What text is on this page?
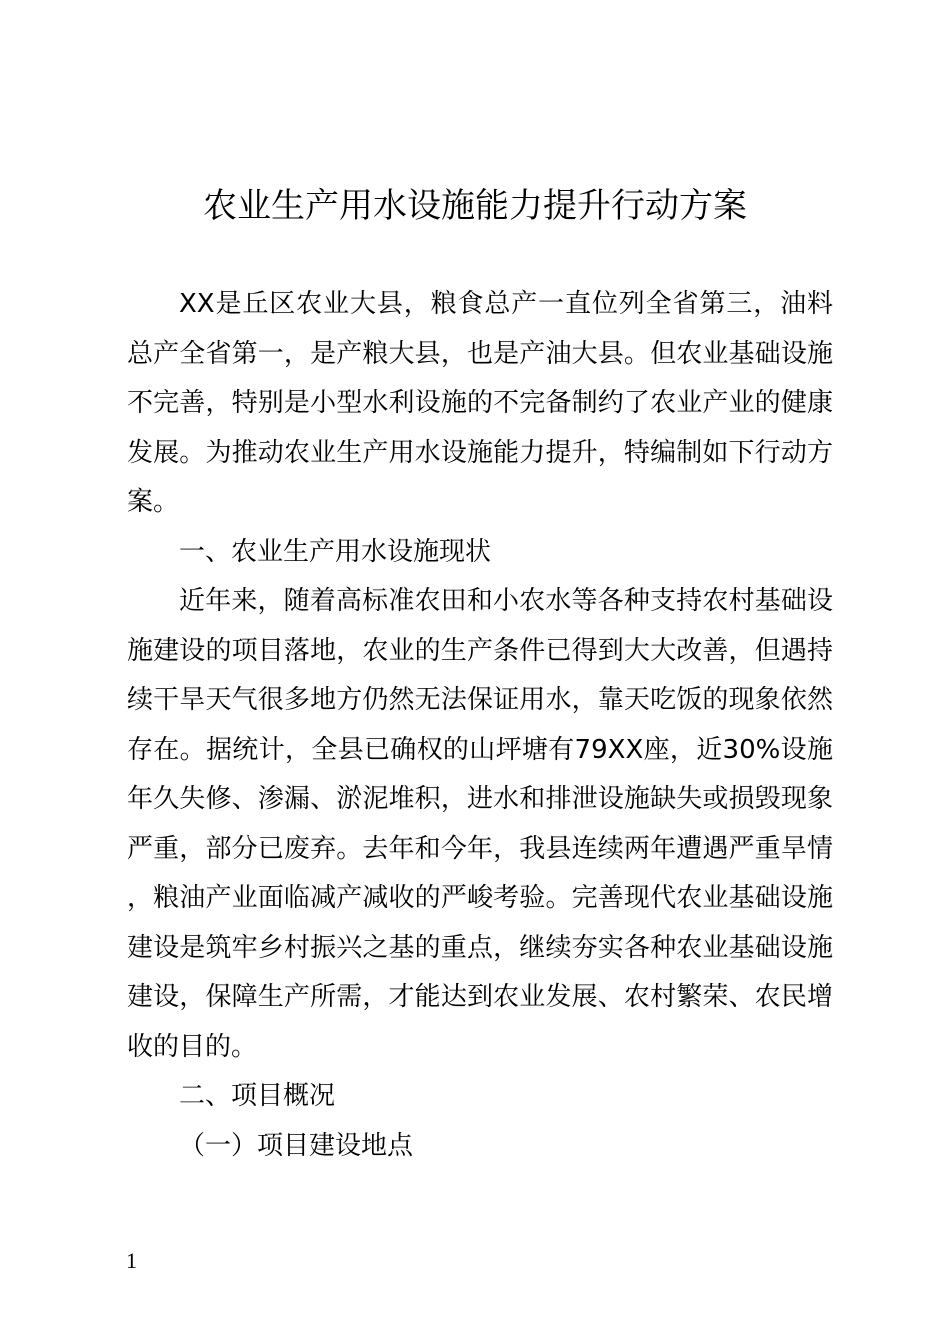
农业生产用水设施能力提升行动方案

XX是丘区农业大县，粮食总产一直位列全省第三，油料总产全省第一，是产粮大县，也是产油大县。但农业基础设施不完善，特别是小型水利设施的不完备制约了农业产业的健康发展。为推动农业生产用水设施能力提升，特编制如下行动方案。

一、农业生产用水设施现状

近年来，随着高标准农田和小农水等各种支持农村基础设施建设的项目落地，农业的生产条件已得到大大改善，但遇持续干旱天气很多地方仍然无法保证用水，靠天吃饭的现象依然存在。据统计，全县已确权的山坪塘有79XX座，近30%设施年久失修、渗漏、淤泥堆积，进水和排泄设施缺失或损毁现象严重，部分已废弃。去年和今年，我县连续两年遭遇严重旱情，粮油产业面临减产减收的严峻考验。完善现代农业基础设施建设是筑牢乡村振兴之基的重点，继续夯实各种农业基础设施建设，保障生产所需，才能达到农业发展、农村繁荣、农民增收的目的。

二、项目概况

（一）项目建设地点

1
